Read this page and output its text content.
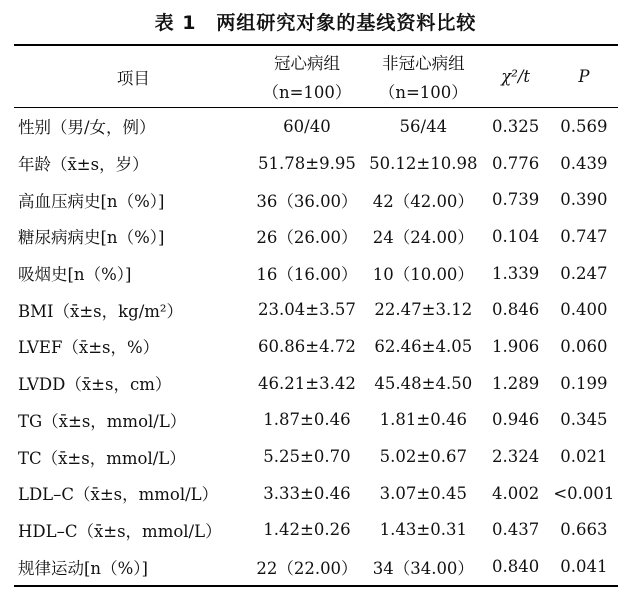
表 1　两组研究对象的基线资料比较
项目	冠心病组	非冠心病组	χ²/t	P
	（n=100）	（n=100）		
性别（男/女，例）	60/40	56/44	0.325	0.569
年龄（x̄±s，岁）	51.78±9.95	50.12±10.98	0.776	0.439
高血压病史[n（%）]	36（36.00）	42（42.00）	0.739	0.390
糖尿病病史[n（%）]	26（26.00）	24（24.00）	0.104	0.747
吸烟史[n（%）]	16（16.00）	10（10.00）	1.339	0.247
BMI（x̄±s，kg/m²）	23.04±3.57	22.47±3.12	0.846	0.400
LVEF（x̄±s，%）	60.86±4.72	62.46±4.05	1.906	0.060
LVDD（x̄±s，cm）	46.21±3.42	45.48±4.50	1.289	0.199
TG（x̄±s，mmol/L）	1.87±0.46	1.81±0.46	0.946	0.345
TC（x̄±s，mmol/L）	5.25±0.70	5.02±0.67	2.324	0.021
LDL–C（x̄±s，mmol/L）	3.33±0.46	3.07±0.45	4.002	<0.001
HDL–C（x̄±s，mmol/L）	1.42±0.26	1.43±0.31	0.437	0.663
规律运动[n（%）]	22（22.00）	34（34.00）	0.840	0.041
